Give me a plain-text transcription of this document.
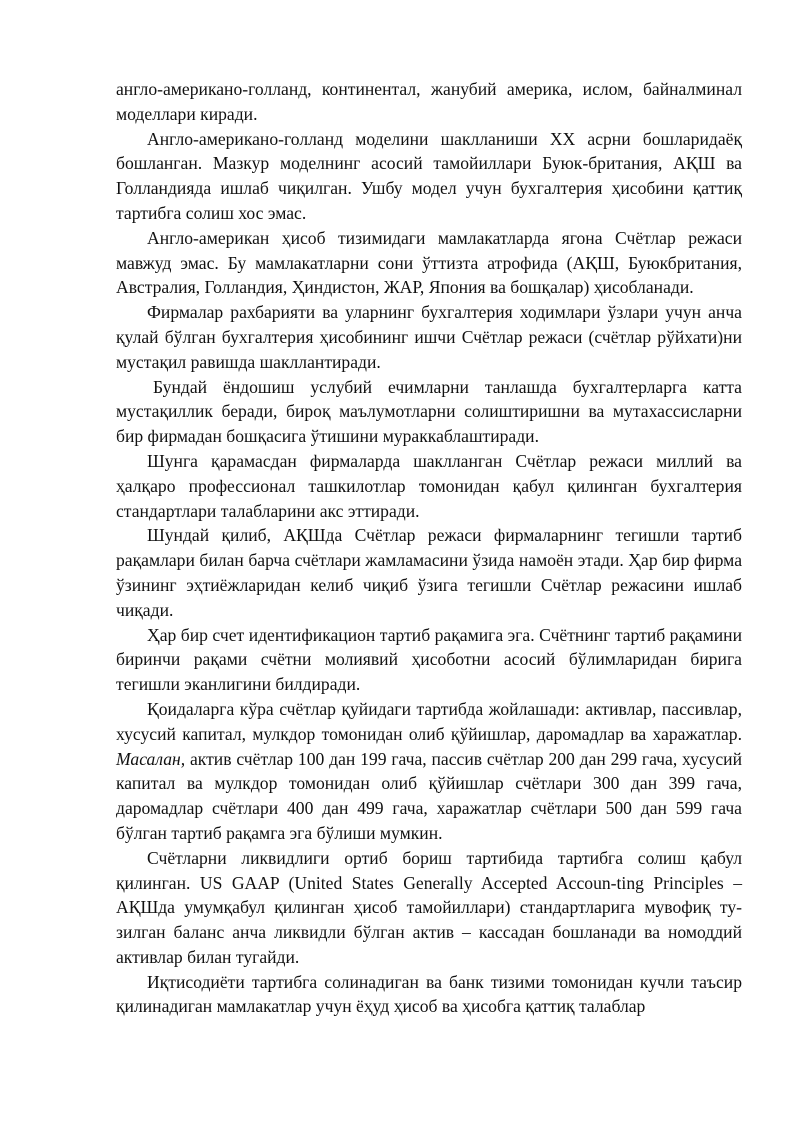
англо-американо-голланд, континентал, жанубий америка, ислом, байналминал моделлари киради.

Англо-американо-голланд моделини шаклланиши XX асрни бошларидаёқ бошланган. Мазкур моделнинг асосий тамойиллари Буюк-британия, АҚШ ва Голландияда ишлаб чиқилган. Ушбу модел учун бухгалтерия ҳисобини қаттиқ тартибга солиш хос эмас.

Англо-американ ҳисоб тизимидаги мамлакатларда ягона Счётлар режаси мавжуд эмас. Бу мамлакатларни сони ўттизта атрофида (АҚШ, Буюкбритания, Австралия, Голландия, Ҳиндистон, ЖАР, Япония ва бошқалар) ҳисобланади.

Фирмалар рахбарияти ва уларнинг бухгалтерия ходимлари ўзлари учун анча қулай бўлган бухгалтерия ҳисобининг ишчи Счётлар режаси (счётлар рўйхати)ни мустақил равишда шакллантиради.

Бундай ёндошиш услубий ечимларни танлашда бухгалтерларга катта мустақиллик беради, бироқ маълумотларни солиштиришни ва мутахассисларни бир фирмадан бошқасига ўтишини мураккаблаштиради.

Шунга қарамасдан фирмаларда шаклланган Счётлар режаси миллий ва ҳалқаро профессионал ташкилотлар томонидан қабул қилинган бухгалтерия стандартлари талабларини акс эттиради.

Шундай қилиб, АҚШда Счётлар режаси фирмаларнинг тегишли тартиб рақамлари билан барча счётлари жамламасини ўзида намоён этади. Ҳар бир фирма ўзининг эҳтиёжларидан келиб чиқиб ўзига тегишли Счётлар режасини ишлаб чиқади.

Ҳар бир счет идентификацион тартиб рақамига эга. Счётнинг тартиб рақамини биринчи рақами счётни молиявий ҳисоботни асосий бўлимларидан бирига тегишли эканлигини билдиради.

Қоидаларга кўра счётлар қуйидаги тартибда жойлашади: активлар, пассивлар, хусусий капитал, мулкдор томонидан олиб қўйишлар, даромадлар ва харажатлар. Масалан, актив счётлар 100 дан 199 гача, пассив счётлар 200 дан 299 гача, хусусий капитал ва мулкдор томонидан олиб қўйишлар счётлари 300 дан 399 гача, даромадлар счётлари 400 дан 499 гача, харажатлар счётлари 500 дан 599 гача бўлган тартиб рақамга эга бўлиши мумкин.

Счётларни ликвидлиги ортиб бориш тартибида тартибга солиш қабул қилинган. US GAAP (United States Generally Accepted Accoun-ting Principles – АҚШда умумқабул қилинган ҳисоб тамойиллари) стандартларига мувофиқ ту-зилган баланс анча ликвидли бўлган актив – кассадан бошланади ва номоддий активлар билан тугайди.

Иқтисодиёти тартибга солинадиган ва банк тизими томонидан кучли таъсир қилинадиган мамлакатлар учун ёҳуд ҳисоб ва ҳисобга қаттиқ талаблар
